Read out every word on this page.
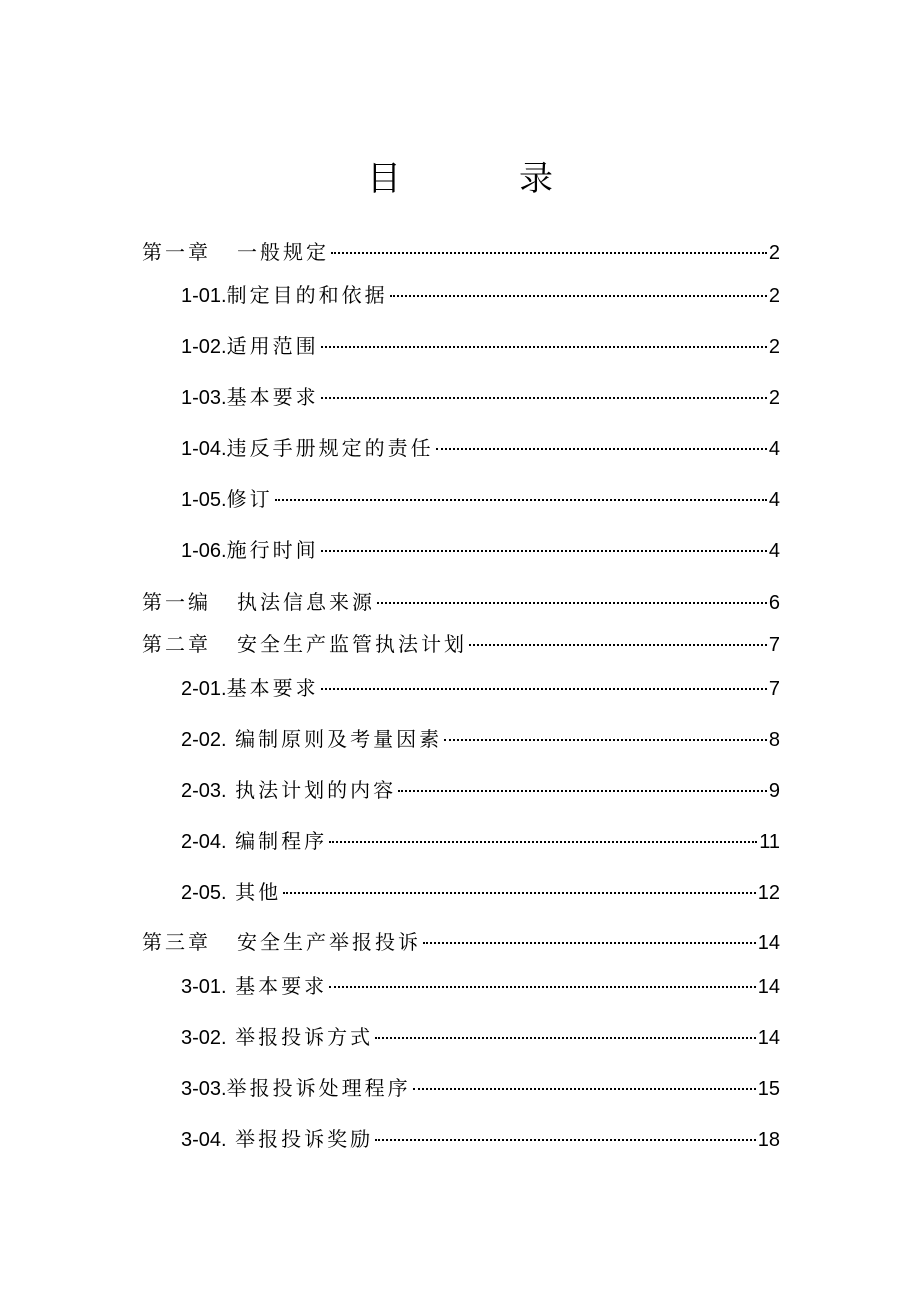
目　录
第一章　 一般规定	2
1-01.制定目的和依据	2
1-02.适用范围	2
1-03.基本要求	2
1-04.违反手册规定的责任	4
1-05.修订	4
1-06.施行时间	4
第一编　 执法信息来源	6
第二章　 安全生产监管执法计划	7
2-01.基本要求	7
2-02. 编制原则及考量因素	8
2-03. 执法计划的内容	9
2-04. 编制程序	11
2-05. 其他	12
第三章　 安全生产举报投诉	14
3-01. 基本要求	14
3-02. 举报投诉方式	14
3-03.举报投诉处理程序	15
3-04. 举报投诉奖励	18
